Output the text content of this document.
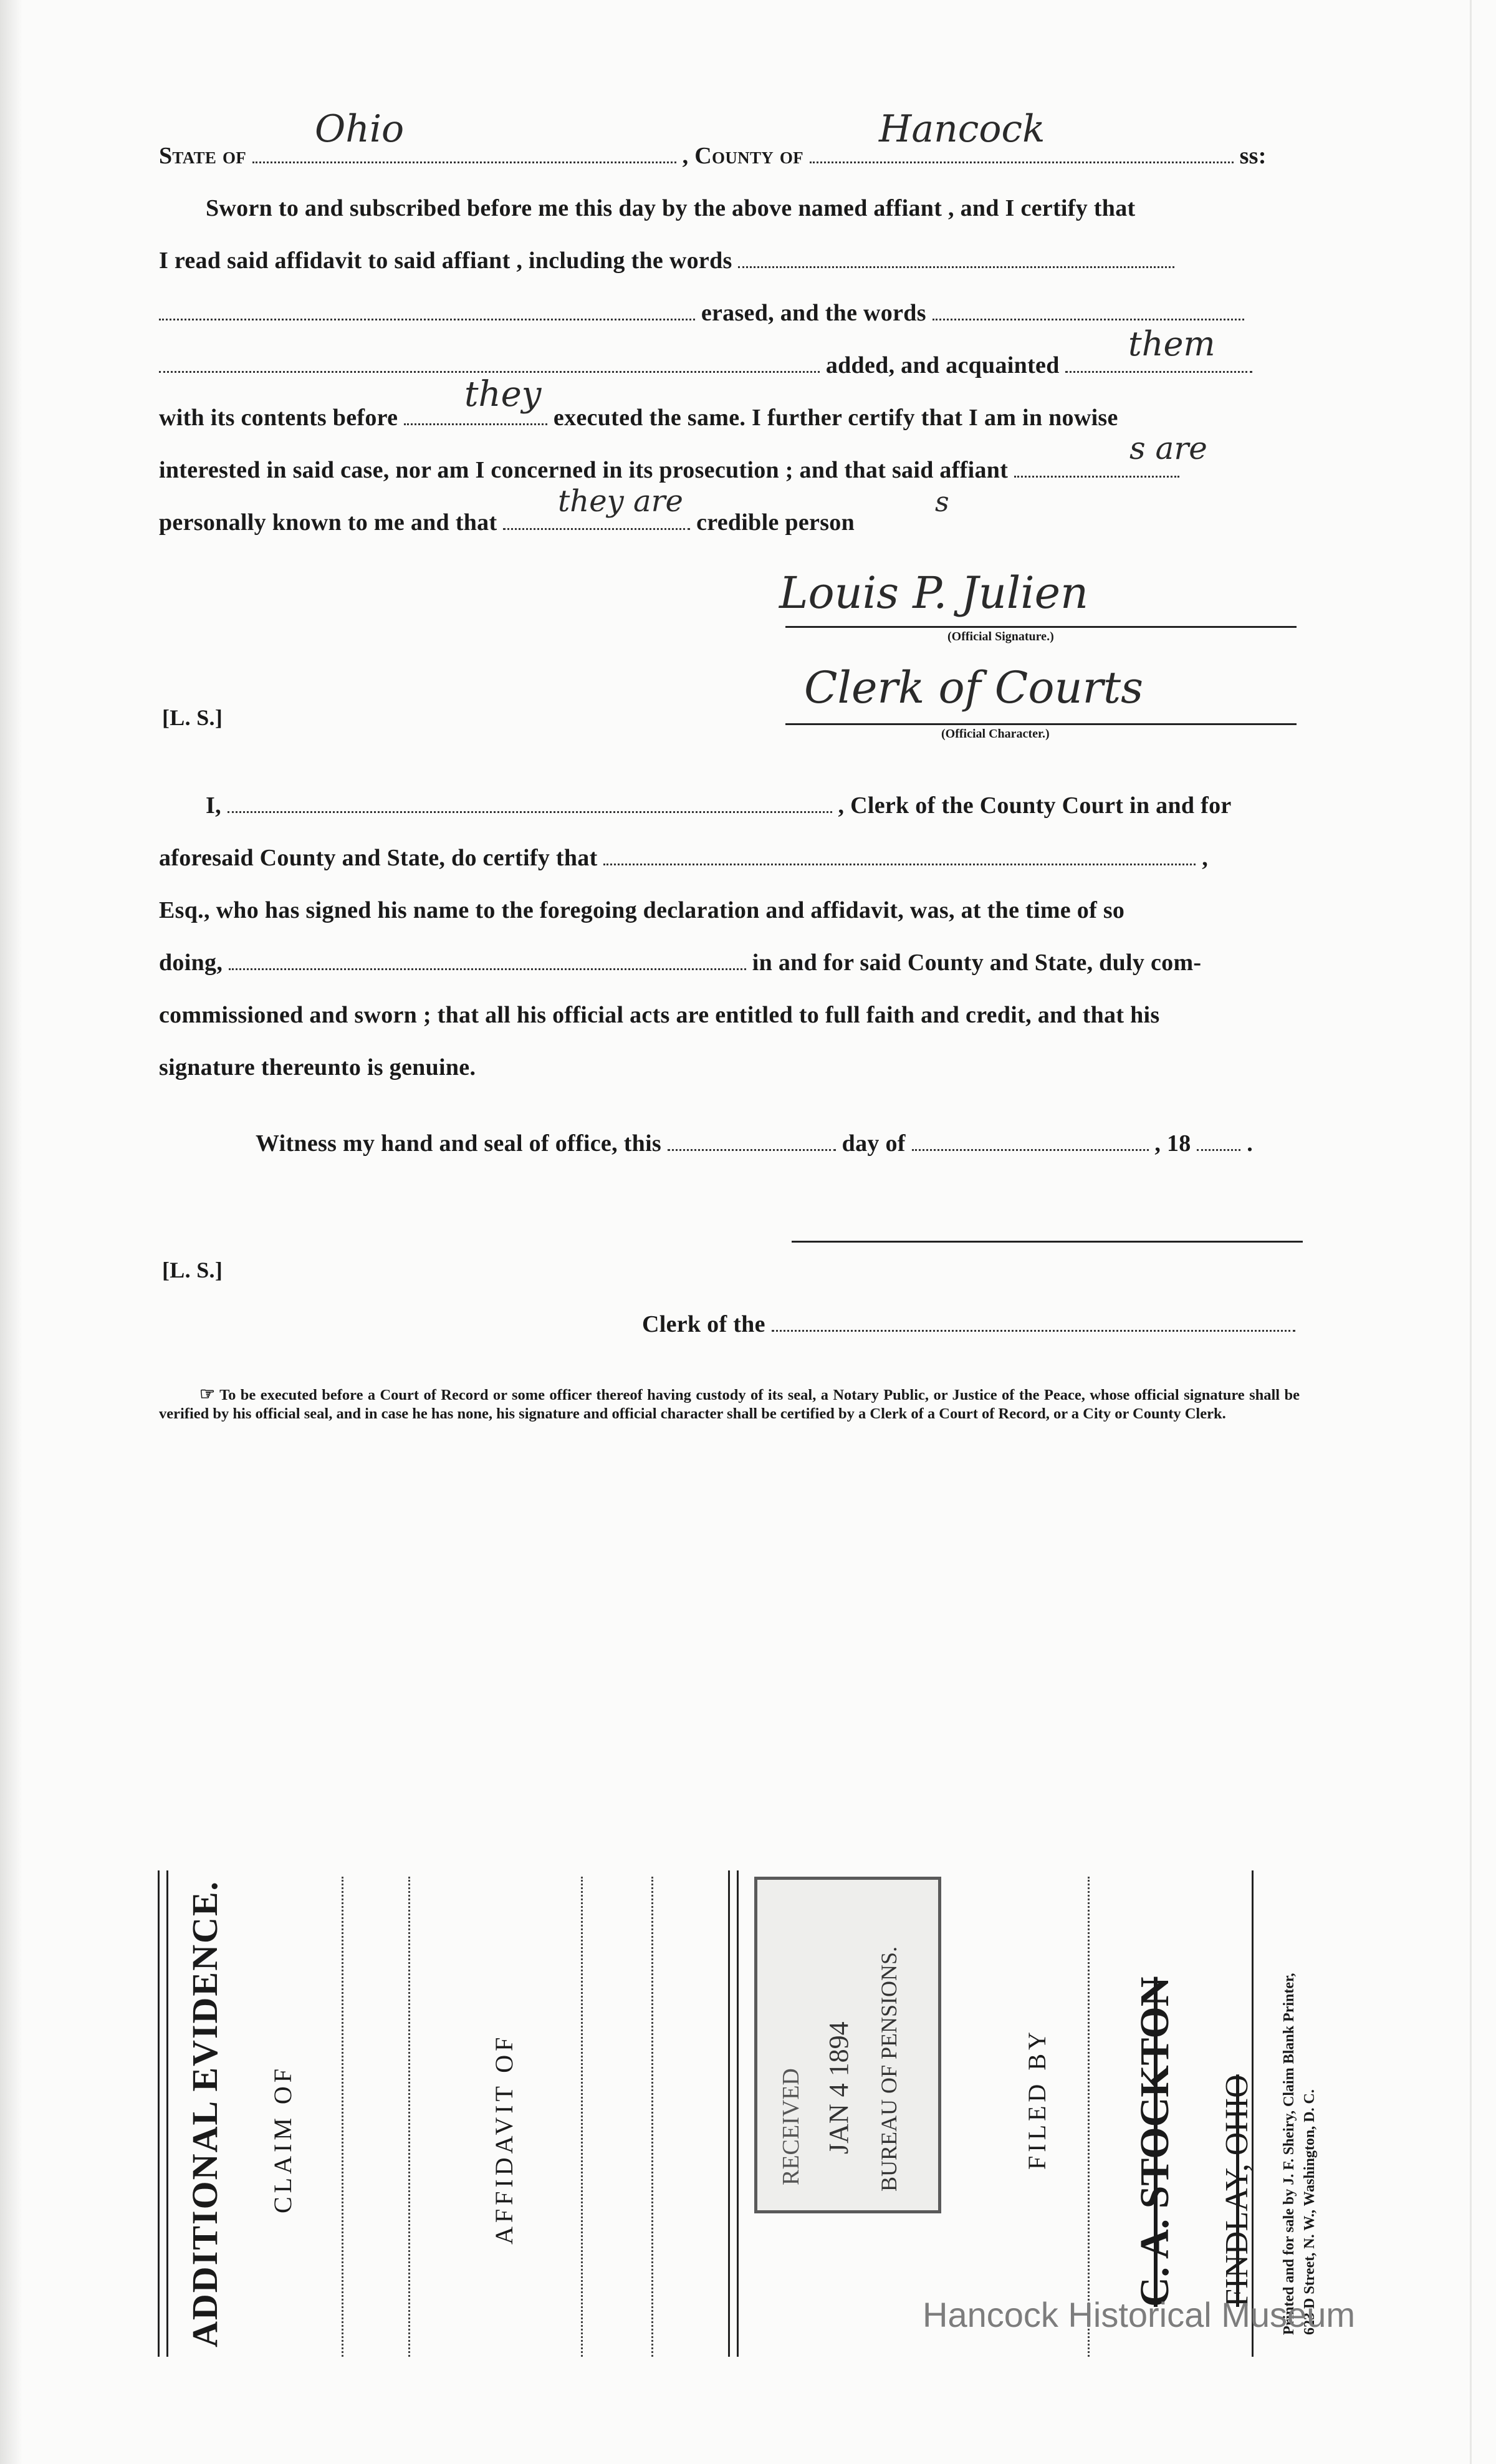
State of	, County of	ss:
Ohio	Hancock
Sworn to and subscribed before me this day by the above named affiant , and I certify that
I read said affidavit to said affiant , including the words
erased, and the words
added, and acquainted
them
with its contents before	executed the same. I further certify that I am in nowise
they
interested in said case, nor am I concerned in its prosecution ; and that said affiant
s are
personally known to me and that	credible person
they are	s
Louis P. Julien
(Official Signature.)
[L. S.]
Clerk of Courts
(Official Character.)
I,	, Clerk of the County Court in and for
aforesaid County and State, do certify that	,
Esq., who has signed his name to the foregoing declaration and affidavit, was, at the time of so
doing,	in and for said County and State, duly com-
commissioned and sworn ; that all his official acts are entitled to full faith and credit, and that his
signature thereunto is genuine.
Witness my hand and seal of office, this	day of	, 18 .
[L. S.]
Clerk of the
☞ To be executed before a Court of Record or some officer thereof having custody of its seal, a Notary Public, or Justice of the Peace, whose official signature shall be verified by his official seal, and in case he has none, his signature and official character shall be certified by a Clerk of a Court of Record, or a City or County Clerk.
ADDITIONAL EVIDENCE. CLAIM OF	AFFIDAVIT OF	RECEIVED JAN 4 1894 BUREAU OF PENSIONS.	FILED BY C. A. STOCKTON FINDLAY, OHIO Printed and for sale by J. F. Sheiry, Claim Blank Printer, 623 D Street, N. W., Washington, D. C.
Hancock Historical Museum
